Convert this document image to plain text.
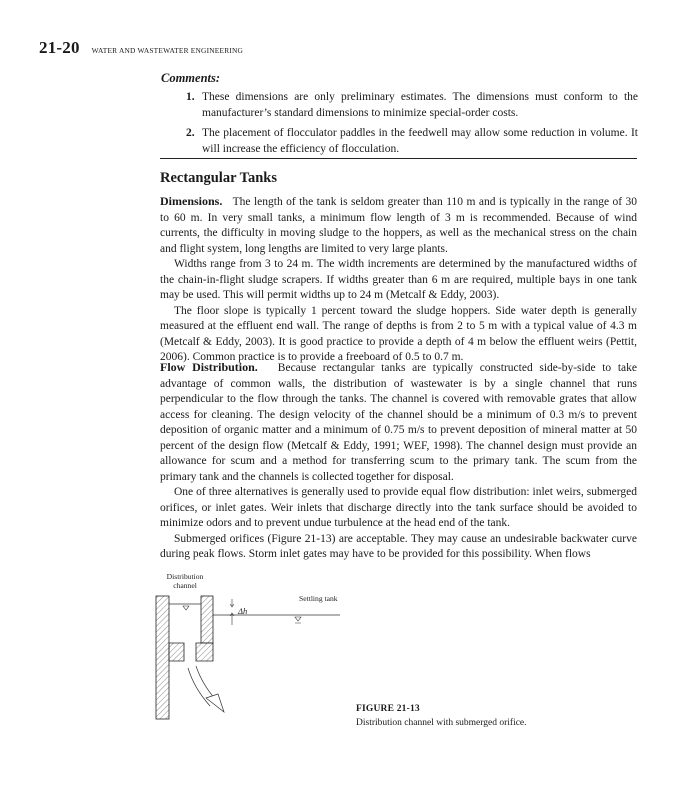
21-20 WATER AND WASTEWATER ENGINEERING
Comments:
1. These dimensions are only preliminary estimates. The dimensions must conform to the manufacturer’s standard dimensions to minimize special-order costs.
2. The placement of flocculator paddles in the feedwell may allow some reduction in volume. It will increase the efficiency of flocculation.
Rectangular Tanks

Dimensions. The length of the tank is seldom greater than 110 m and is typically in the range of 30 to 60 m. In very small tanks, a minimum flow length of 3 m is recommended. Because of wind currents, the difficulty in moving sludge to the hoppers, as well as the mechanical stress on the chain and flight system, long lengths are limited to very large plants.

Widths range from 3 to 24 m. The width increments are determined by the manufactured widths of the chain-in-flight sludge scrapers. If widths greater than 6 m are required, multiple bays in one tank may be used. This will permit widths up to 24 m (Metcalf & Eddy, 2003).

The floor slope is typically 1 percent toward the sludge hoppers. Side water depth is generally measured at the effluent end wall. The range of depths is from 2 to 5 m with a typical value of 4.3 m (Metcalf & Eddy, 2003). It is good practice to provide a depth of 4 m below the effluent weirs (Pettit, 2006). Common practice is to provide a freeboard of 0.5 to 0.7 m.

Flow Distribution. Because rectangular tanks are typically constructed side-by-side to take advantage of common walls, the distribution of wastewater is by a single channel that runs perpendicular to the flow through the tanks. The channel is covered with removable grates that allow access for cleaning. The design velocity of the channel should be a minimum of 0.3 m/s to prevent deposition of organic matter and a minimum of 0.75 m/s to prevent deposition of mineral matter at 50 percent of the design flow (Metcalf & Eddy, 1991; WEF, 1998). The channel design must provide an allowance for scum and a method for transferring scum to the primary tank. The scum from the primary tank and the channels is collected together for disposal.

One of three alternatives is generally used to provide equal flow distribution: inlet weirs, submerged orifices, or inlet gates. Weir inlets that discharge directly into the tank surface should be avoided to minimize odors and to prevent undue turbulence at the head end of the tank.

Submerged orifices (Figure 21-13) are acceptable. They may cause an undesirable backwater curve during peak flows. Storm inlet gates may have to be provided for this possibility. When flows

Distribution
channel
Δh
Settling tank
FIGURE 21-13
Distribution channel with submerged orifice.
